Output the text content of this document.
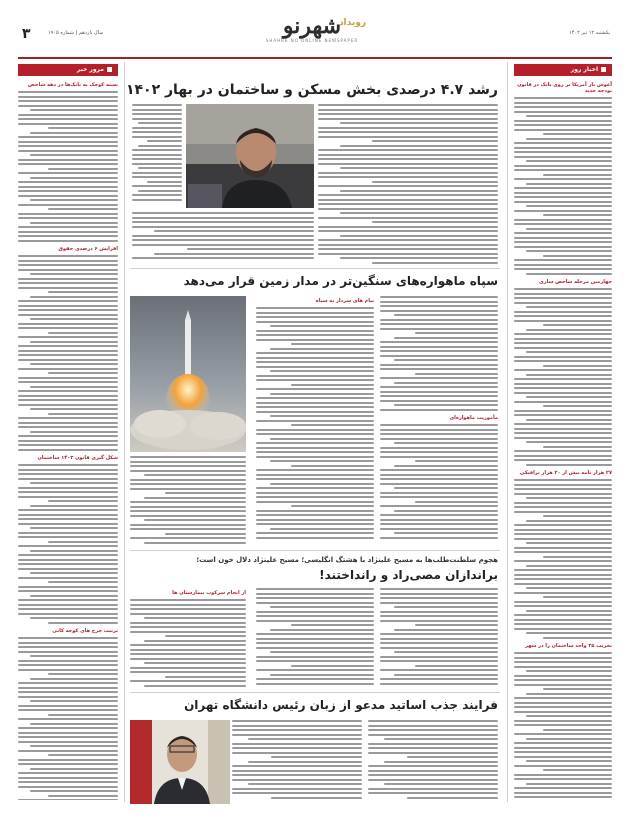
۳	سال یازدهم | شماره ۱۹۰۵	یکشنبه ۱۲ تیر ۱۴۰۲
رویداد
شهرنو
SHAHRE NO ONLINE NEWSPAPER
اخبار روز
آغوش باز آمریکا بر روی بانک در قانون بودجه جدید
چهارمین مرحله شاخص سازی
۲۷ هزار نامه بیش از ۲۰ هزار ترافیکی
تخریب ۳۵ واحد ساختمان را در شهر
مرور خبر
بسته کوچک به بانک‌ها در دهه شاخص
افزایش ۶ درصدی حقوق
شکل گیری قانون ۱۴۰۳ ساختمان
ترتیب چرخ های کوچه کانی
رشد ۴.۷ درصدی بخش مسکن و ساختمان در بهار ۱۴۰۲
سپاه ماهواره‌های سنگین‌تر در مدار زمین قرار می‌دهد
مأموریت ماهواره‌ای
پیام های سردار به سپاه
هجوم سلطنت‌طلب‌ها به مسیح علینژاد با هشتگ انگلیسی؛ مسیح علینژاد دلال خون است؛
براندازان مصی‌راد و رانداختند!
از انجام سرکوب بیمارستان ها
فرایند جذب اساتید مدعو از زبان رئیس دانشگاه تهران
